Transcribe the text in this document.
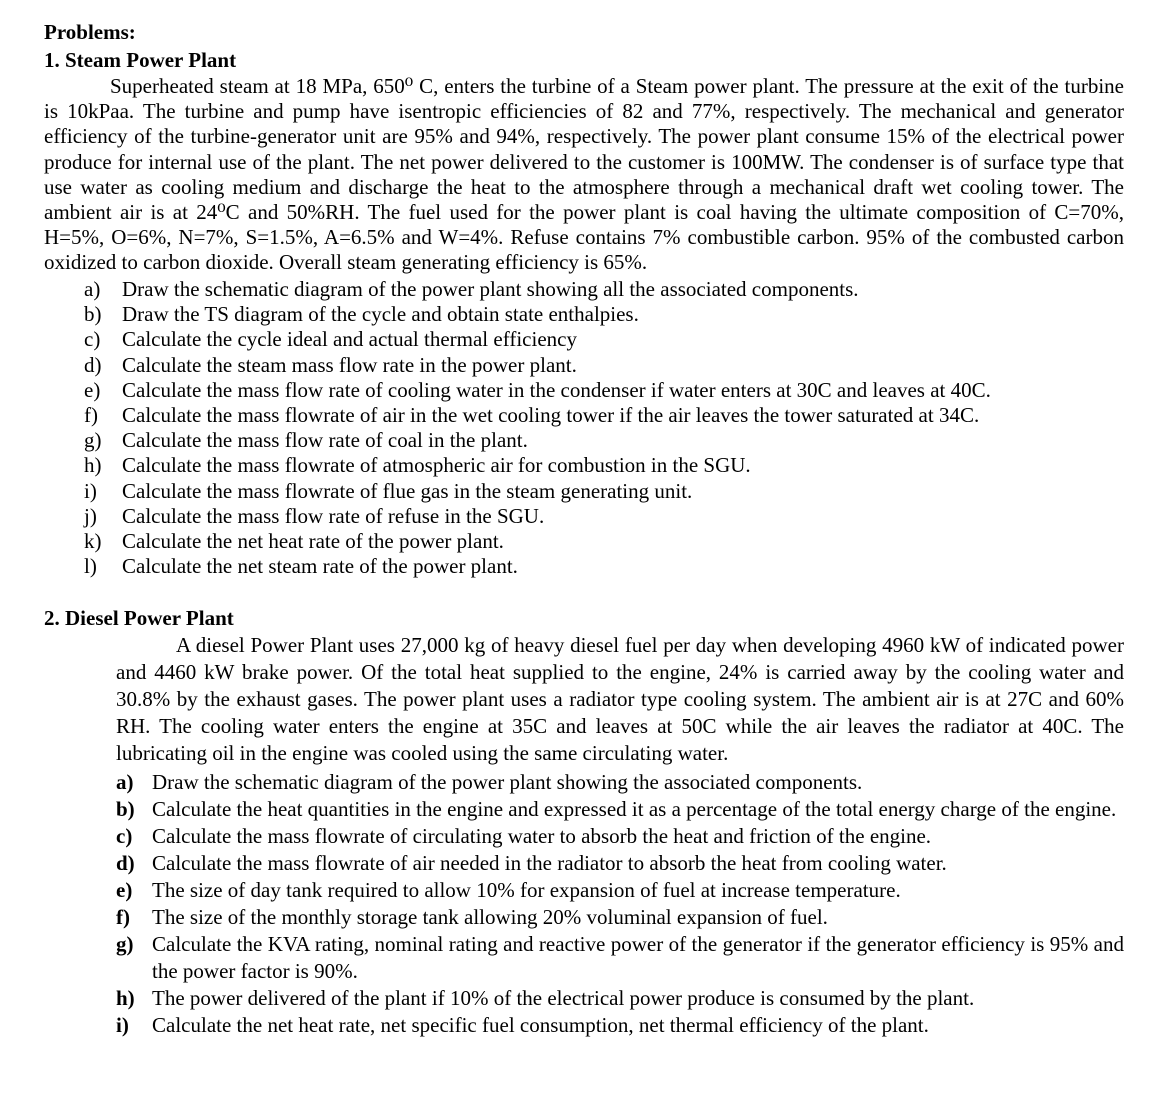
Problems:
1. Steam Power Plant

Superheated steam at 18 MPa, 650⁰ C, enters the turbine of a Steam power plant. The pressure at the exit of the turbine is 10kPaa. The turbine and pump have isentropic efficiencies of 82 and 77%, respectively. The mechanical and generator efficiency of the turbine-generator unit are 95% and 94%, respectively. The power plant consume 15% of the electrical power produce for internal use of the plant. The net power delivered to the customer is 100MW. The condenser is of surface type that use water as cooling medium and discharge the heat to the atmosphere through a mechanical draft wet cooling tower. The ambient air is at 24⁰C and 50%RH. The fuel used for the power plant is coal having the ultimate composition of C=70%, H=5%, O=6%, N=7%, S=1.5%, A=6.5% and W=4%. Refuse contains 7% combustible carbon. 95% of the combusted carbon oxidized to carbon dioxide. Overall steam generating efficiency is 65%.

a)	Draw the schematic diagram of the power plant showing all the associated components.
b) Draw the TS diagram of the cycle and obtain state enthalpies.
c)	Calculate the cycle ideal and actual thermal efficiency
d) Calculate the steam mass flow rate in the power plant.
e)	Calculate the mass flow rate of cooling water in the condenser if water enters at 30C and leaves at 40C.
f)	Calculate the mass flowrate of air in the wet cooling tower if the air leaves the tower saturated at 34C.
g) Calculate the mass flow rate of coal in the plant.
h) Calculate the mass flowrate of atmospheric air for combustion in the SGU.
i)	Calculate the mass flowrate of flue gas in the steam generating unit.
j)	Calculate the mass flow rate of refuse in the SGU.
k) Calculate the net heat rate of the power plant.
l)	Calculate the net steam rate of the power plant.
2. Diesel Power Plant

A diesel Power Plant uses 27,000 kg of heavy diesel fuel per day when developing 4960 kW of indicated power and 4460 kW brake power. Of the total heat supplied to the engine, 24% is carried away by the cooling water and 30.8% by the exhaust gases. The power plant uses a radiator type cooling system. The ambient air is at 27C and 60% RH. The cooling water enters the engine at 35C and leaves at 50C while the air leaves the radiator at 40C. The lubricating oil in the engine was cooled using the same circulating water.

a) Draw the schematic diagram of the power plant showing the associated components.
b) Calculate the heat quantities in the engine and expressed it as a percentage of the total energy charge of the engine.
c) Calculate the mass flowrate of circulating water to absorb the heat and friction of the engine.
d) Calculate the mass flowrate of air needed in the radiator to absorb the heat from cooling water.
e) The size of day tank required to allow 10% for expansion of fuel at increase temperature.
f)	The size of the monthly storage tank allowing 20% voluminal expansion of fuel.
g) Calculate the KVA rating, nominal rating and reactive power of the generator if the generator efficiency is 95% and the power factor is 90%.
h) The power delivered of the plant if 10% of the electrical power produce is consumed by the plant.
i)	Calculate the net heat rate, net specific fuel consumption, net thermal efficiency of the plant.
